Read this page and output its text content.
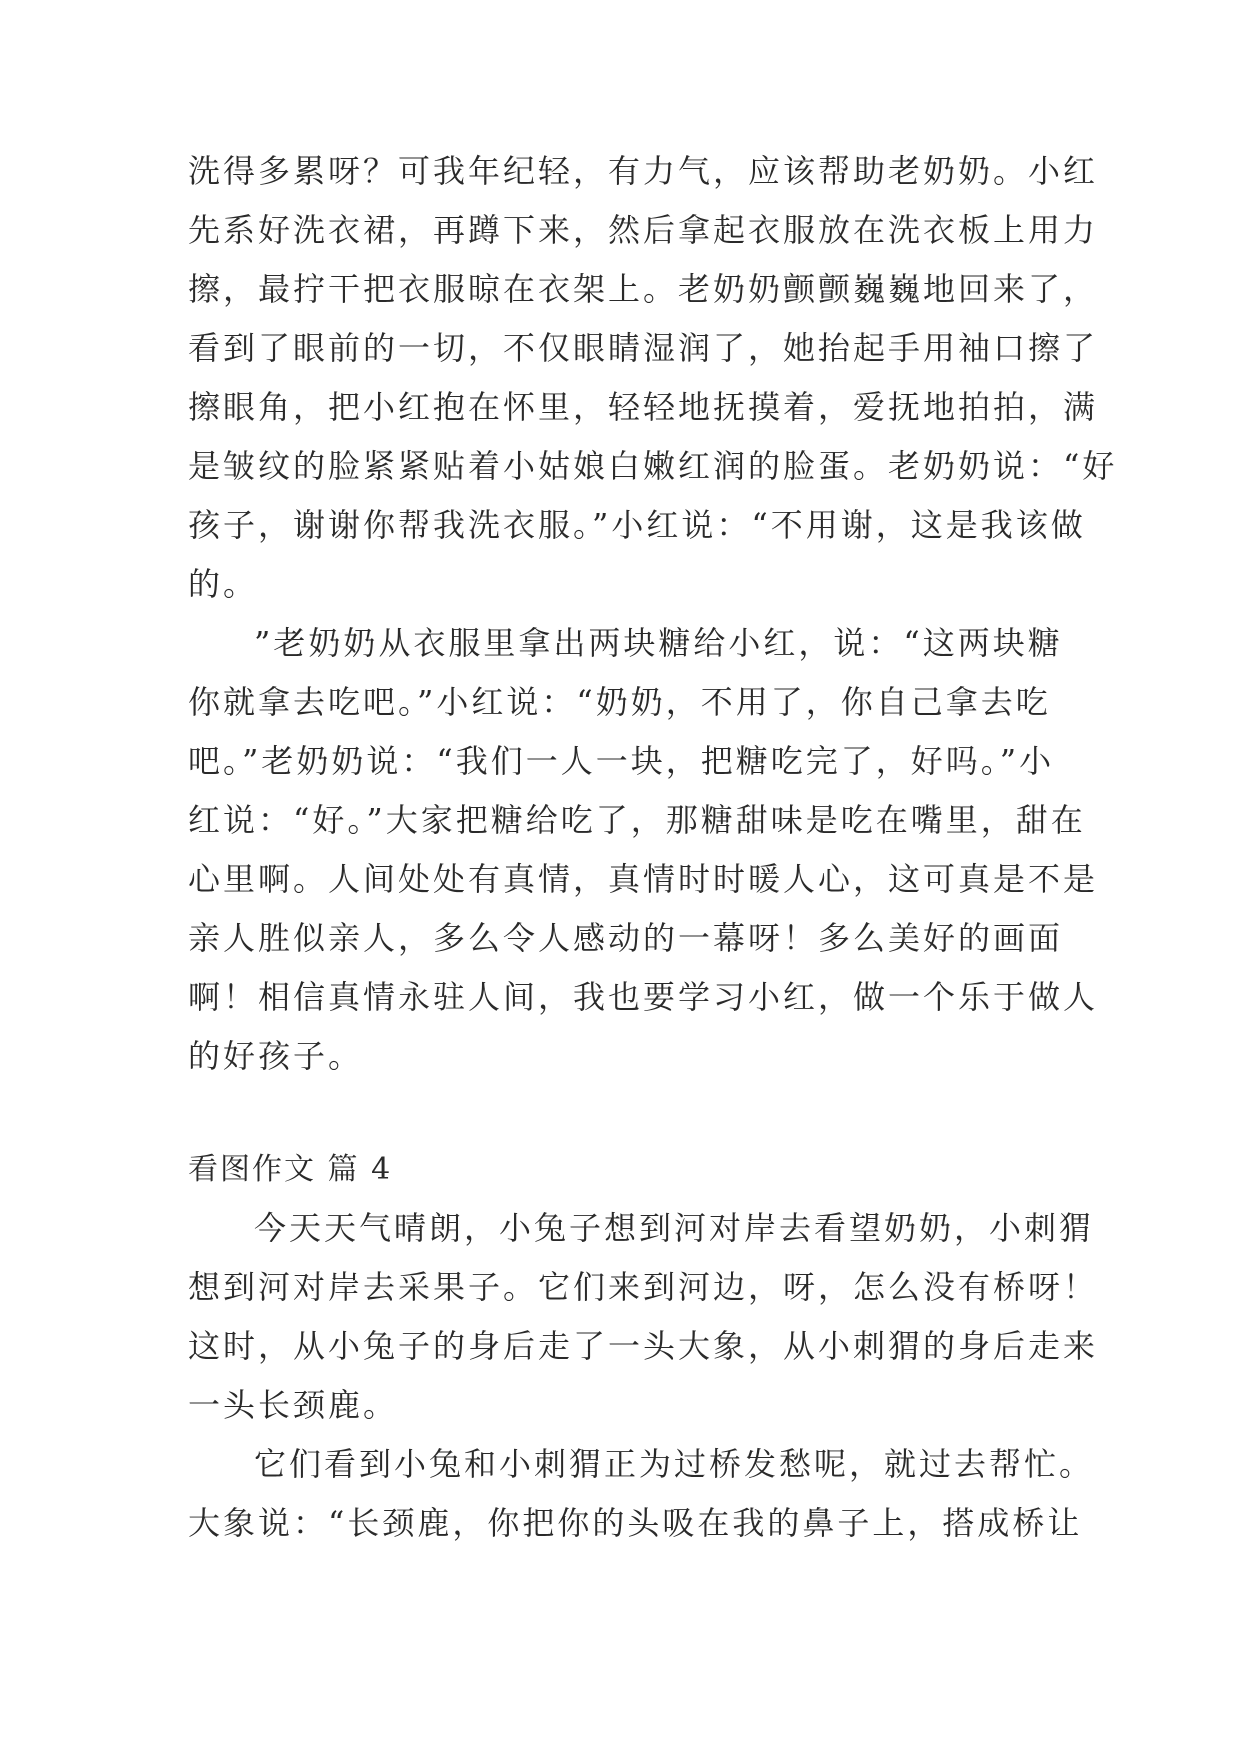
洗得多累呀？可我年纪轻，有力气，应该帮助老奶奶。小红
先系好洗衣裙，再蹲下来，然后拿起衣服放在洗衣板上用力
擦，最拧干把衣服晾在衣架上。老奶奶颤颤巍巍地回来了，
看到了眼前的一切，不仅眼睛湿润了，她抬起手用袖口擦了
擦眼角，把小红抱在怀里，轻轻地抚摸着，爱抚地拍拍，满
是皱纹的脸紧紧贴着小姑娘白嫩红润的脸蛋。老奶奶说：“好
孩子，谢谢你帮我洗衣服。”小红说：“不用谢，这是我该做
的。
”老奶奶从衣服里拿出两块糖给小红，说：“这两块糖
你就拿去吃吧。”小红说：“奶奶，不用了，你自己拿去吃
吧。”老奶奶说：“我们一人一块，把糖吃完了，好吗。”小
红说：“好。”大家把糖给吃了，那糖甜味是吃在嘴里，甜在
心里啊。人间处处有真情，真情时时暖人心，这可真是不是
亲人胜似亲人，多么令人感动的一幕呀！多么美好的画面
啊！相信真情永驻人间，我也要学习小红，做一个乐于做人
的好孩子。
看图作文 篇 4
今天天气晴朗，小兔子想到河对岸去看望奶奶，小刺猬
想到河对岸去采果子。它们来到河边，呀，怎么没有桥呀！
这时，从小兔子的身后走了一头大象，从小刺猬的身后走来
一头长颈鹿。
它们看到小兔和小刺猬正为过桥发愁呢，就过去帮忙。
大象说：“长颈鹿，你把你的头吸在我的鼻子上，搭成桥让
